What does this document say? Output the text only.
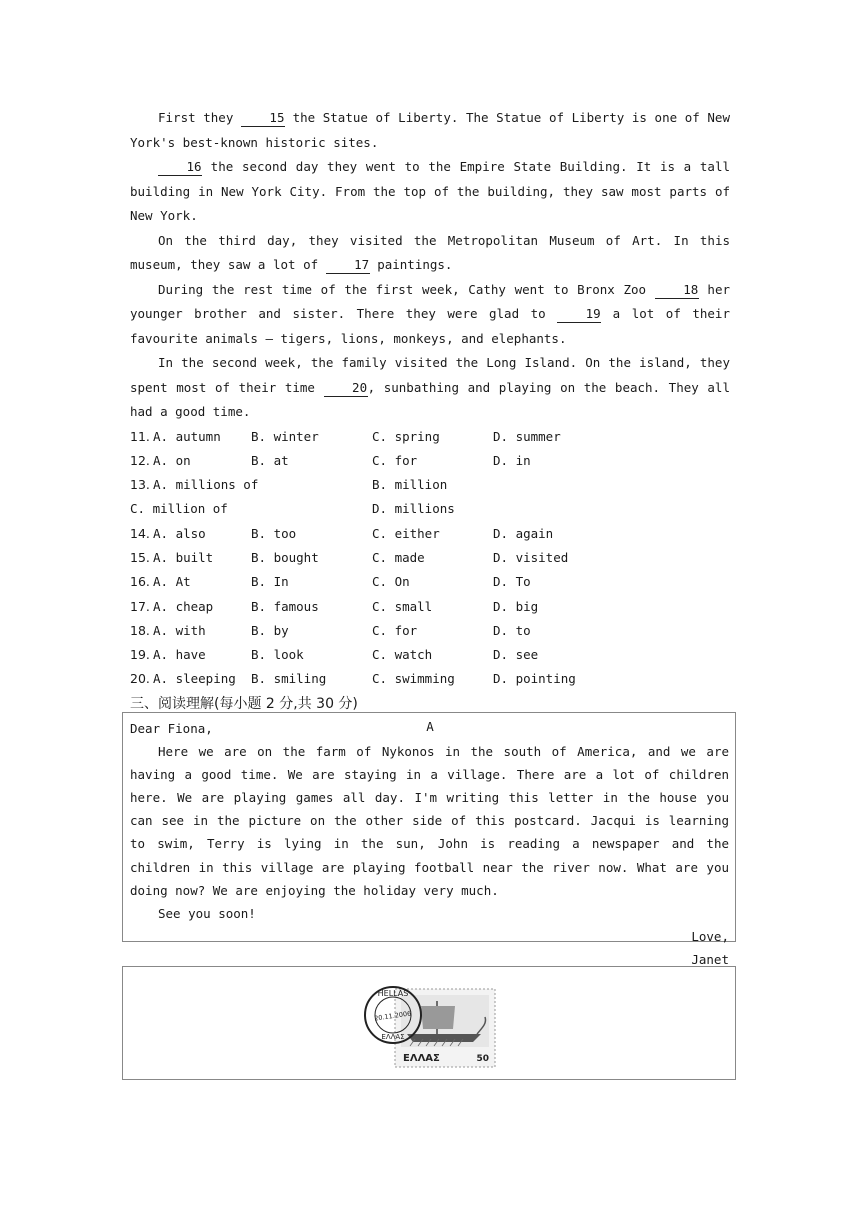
First they 15 the Statue of Liberty. The Statue of Liberty is one of New York's best-known historic sites.

16 the second day they went to the Empire State Building. It is a tall building in New York City. From the top of the building, they saw most parts of New York.

On the third day, they visited the Metropolitan Museum of Art. In this museum, they saw a lot of 17 paintings.

During the rest time of the first week, Cathy went to Bronx Zoo 18 her younger brother and sister. There they were glad to 19 a lot of their favourite animals — tigers, lions, monkeys, and elephants.

In the second week, the family visited the Long Island. On the island, they spent most of their time 20, sunbathing and playing on the beach. They all had a good time.

11. A. autumn B. winter	C. spring	D. summer
12. A. on	B. at	C. for	D. in
13. A. millions of	B. million
C. million of	D. millions
14. A. also	B. too	C. either	D. again
15. A. built	B. bought	C. made	D. visited
16. A. At	B. In	C. On	D. To
17. A. cheap	B. famous	C. small	D. big
18. A. with	B. by	C. for	D. to
19. A. have	B. look	C. watch	D. see
20. A. sleeping B. smiling	C. swimming	D. pointing
三、阅读理解(每小题 2 分,共 30 分)
A

Dear Fiona,

Here we are on the farm of Nykonos in the south of America, and we are having a good time. We are staying in a village. There are a lot of children here. We are playing games all day. I'm writing this letter in the house you can see in the picture on the other side of this postcard. Jacqui is learning to swim, Terry is lying in the sun, John is reading a newspaper and the children in this village are playing football near the river now. What are you doing now? We are enjoying the holiday very much.

See you soon!

Love,

Janet

HELLAS
20.11.2006
ΕΛΛΑΣ
ΕΛΛΑΣ	50
